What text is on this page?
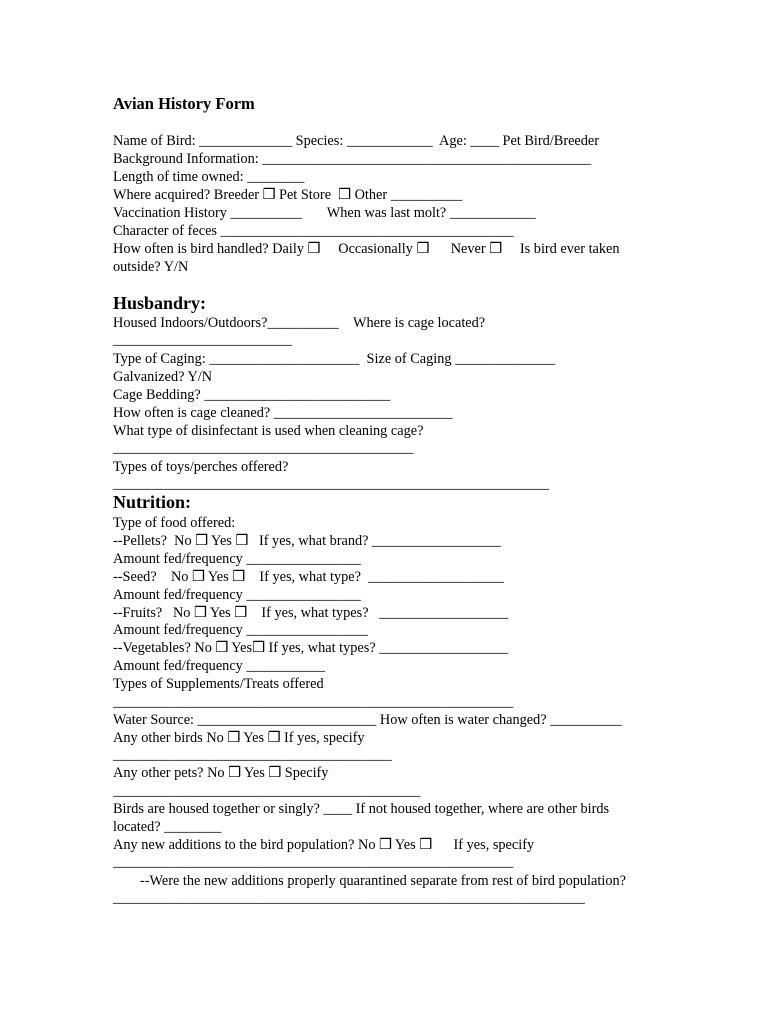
Avian History Form
Name of Bird: _____________ Species: ____________  Age: ____ Pet Bird/Breeder
Background Information: ______________________________________________
Length of time owned: ________
Where acquired? Breeder ❒ Pet Store  ❒ Other __________
Vaccination History __________       When was last molt? ____________
Character of feces _________________________________________
How often is bird handled? Daily ❒     Occasionally ❒      Never ❒     Is bird ever taken
outside? Y/N
Husbandry:
Housed Indoors/Outdoors?__________    Where is cage located?
_________________________
Type of Caging: _____________________  Size of Caging ______________
Galvanized? Y/N
Cage Bedding? __________________________
How often is cage cleaned? _________________________
What type of disinfectant is used when cleaning cage?
__________________________________________
Types of toys/perches offered?
_____________________________________________________________
Nutrition:
Type of food offered:
--Pellets?  No ❒ Yes ❒   If yes, what brand? __________________
Amount fed/frequency ________________
--Seed?    No ❒ Yes ❒    If yes, what type?  ___________________
Amount fed/frequency ________________
--Fruits?   No ❒ Yes ❒    If yes, what types?   __________________
Amount fed/frequency _________________
--Vegetables? No ❒ Yes❒ If yes, what types? __________________
Amount fed/frequency ___________
Types of Supplements/Treats offered
________________________________________________________
Water Source: _________________________ How often is water changed? __________
Any other birds No ❒ Yes ❒ If yes, specify
_______________________________________
Any other pets? No ❒ Yes ❒ Specify
___________________________________________
Birds are housed together or singly? ____ If not housed together, where are other birds
located? ________
Any new additions to the bird population? No ❒ Yes ❒      If yes, specify
________________________________________________________
--Were the new additions properly quarantined separate from rest of bird population?
__________________________________________________________________
